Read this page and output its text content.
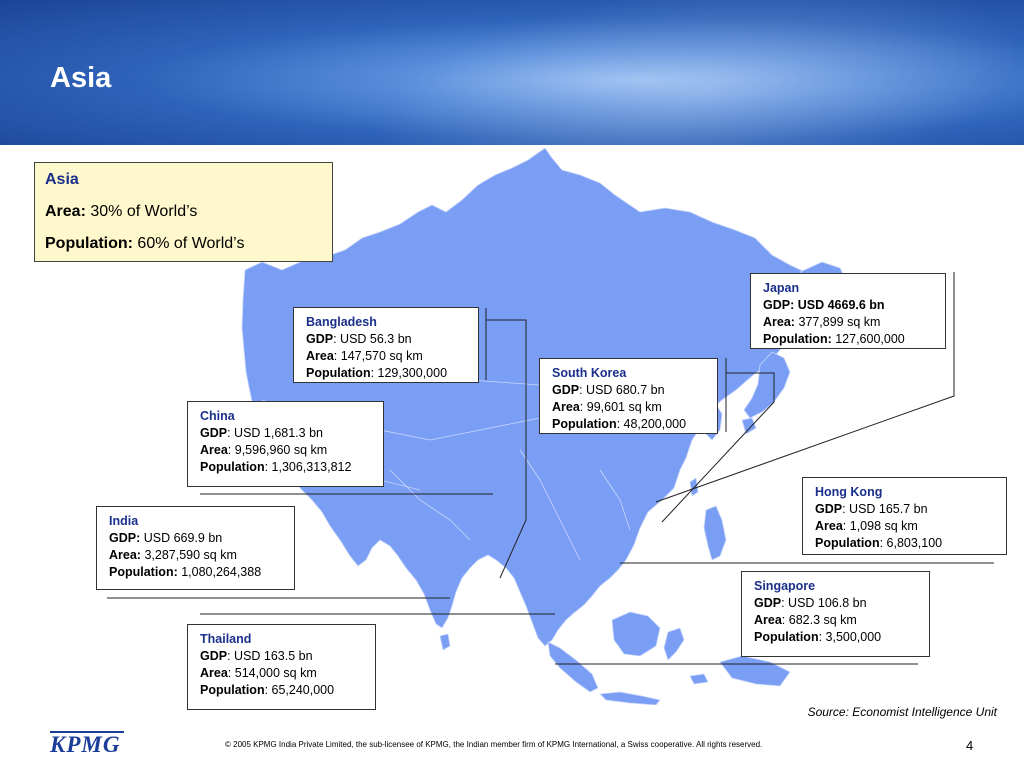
Asia
Asia
Area: 30% of World’s
Population: 60% of World’s
Japan
GDP: USD 4669.6 bn
Area: 377,899 sq km
Population: 127,600,000
Bangladesh
GDP: USD 56.3 bn
Area: 147,570 sq km
Population: 129,300,000	South Korea
GDP: USD 680.7 bn
Area: 99,601 sq km
Population: 48,200,000
China
GDP: USD 1,681.3 bn
Area: 9,596,960 sq km
Population: 1,306,313,812
Hong Kong
GDP: USD 165.7 bn
Area: 1,098 sq km
Population: 6,803,100
India
GDP: USD 669.9 bn
Area: 3,287,590 sq km
Population: 1,080,264,388
Singapore
GDP: USD 106.8 bn
Area: 682.3 sq km
Population: 3,500,000
Thailand
GDP: USD 163.5 bn
Area: 514,000 sq km
Population: 65,240,000
Source: Economist Intelligence Unit
KPMG	© 2005 KPMG India Private Limited, the sub-licensee of KPMG, the Indian member firm of KPMG International, a Swiss cooperative. All rights reserved.	4
